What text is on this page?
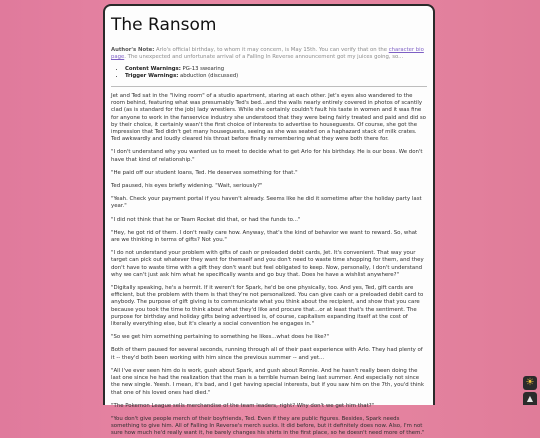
The Ransom

Author's Note: Arlo's official birthday, to whom it may concern, is May 15th. You can verify that on the character bio page. The unexpected and unfortunate arrival of a Falling In Reverse announcement got my juices going, so...

• Content Warnings: PG-13 swearing
• Trigger Warnings: abduction (discussed)

Jet and Ted sat in the "living room" of a studio apartment, staring at each other. Jet's eyes also wandered to the room behind, featuring what was presumably Ted's bed...and the walls nearly entirely covered in photos of scantily clad (as is standard for the job) lady wrestlers. While she certainly couldn't fault his taste in women and it was fine for anyone to work in the fanservice industry she understood that they were being fairly treated and paid and did so by their choice, it certainly wasn't the first choice of interests to advertise to houseguests. Of course, she got the impression that Ted didn't get many houseguests, seeing as she was seated on a haphazard stack of milk crates. Ted awkwardly and loudly cleared his throat before finally remembering what they were both there for.

"I don't understand why you wanted us to meet to decide what to get Arlo for his birthday. He is our boss. We don't have that kind of relationship."

"He paid off our student loans, Ted. He deserves something for that."

Ted paused, his eyes briefly widening. "Wait, seriously?"

"Yeah. Check your payment portal if you haven't already. Seems like he did it sometime after the holiday party last year."

"I did not think that he or Team Rocket did that, or had the funds to..."

"Hey, he got rid of them. I don't really care how. Anyway, that's the kind of behavior we want to reward. So, what are we thinking in terms of gifts? Not you."

"I do not understand your problem with gifts of cash or preloaded debit cards, Jet. It's convenient. That way your target can pick out whatever they want for themself and you don't need to waste time shopping for them, and they don't have to waste time with a gift they don't want but feel obligated to keep. Now, personally, I don't understand why we can't just ask him what he specifically wants and go buy that. Does he have a wishlist anywhere?"

"Digitally speaking, he's a hermit. If it weren't for Spark, he'd be one physically, too. And yes, Ted, gift cards are efficient, but the problem with them is that they're not personalized. You can give cash or a preloaded debit card to anybody. The purpose of gift giving is to communicate what you think about the recipient, and show that you care because you took the time to think about what they'd like and procure that...or at least that's the sentiment. The purpose for birthday and holiday gifts being advertised is, of course, capitalism expanding itself at the cost of literally everything else, but it's clearly a social convention he engages in."

"So we get him something pertaining to something he likes...what does he like?"

Both of them paused for several seconds, running through all of their past experience with Arlo. They had plenty of it -- they'd both been working with him since the previous summer -- and yet...

"All I've ever seen him do is work, gush about Spark, and gush about Ronnie. And he hasn't really been doing the last one since he had the realization that the man is a terrible human being last summer. And especially not since the new single. Yeesh. I mean, it's bad, and I get having special interests, but if you saw him on the 7th, you'd think that one of his loved ones had died."

"The Pokemon League sells merchandise of the team leaders, right? Why don't we get him that?"

"You don't give people merch of their boyfriends, Ted. Even if they are public figures. Besides, Spark needs something to give him. All of Falling In Reverse's merch sucks. It did before, but it definitely does now. Also, I'm not sure how much he'd really want it, he barely changes his shirts in the first place, so he doesn't need more of them."

☀
▲
